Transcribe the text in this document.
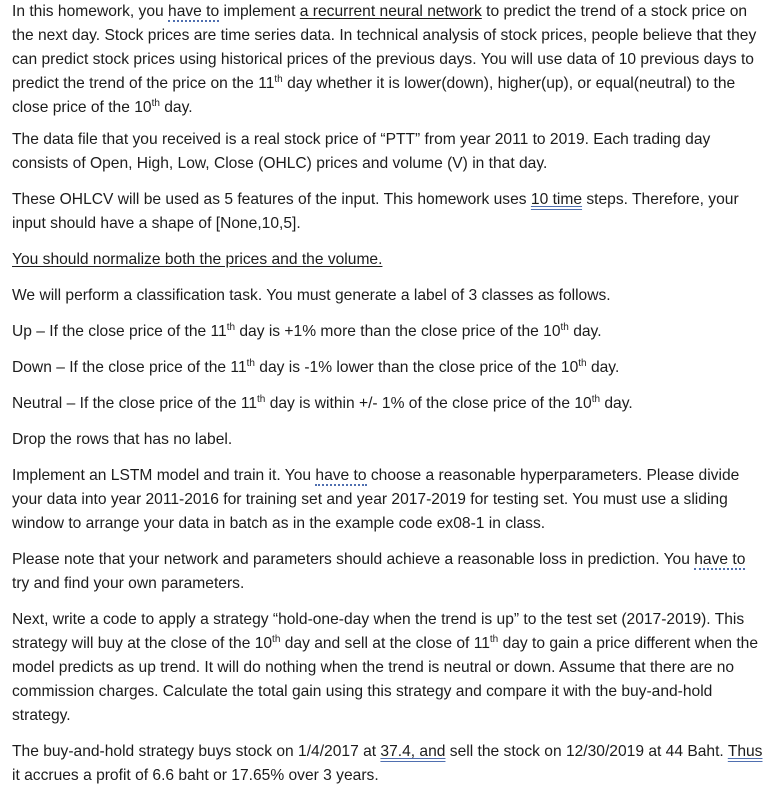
In this homework, you have to implement a recurrent neural network to predict the trend of a stock price on the next day. Stock prices are time series data. In technical analysis of stock prices, people believe that they can predict stock prices using historical prices of the previous days. You will use data of 10 previous days to predict the trend of the price on the 11th day whether it is lower(down), higher(up), or equal(neutral) to the close price of the 10th day.

The data file that you received is a real stock price of “PTT” from year 2011 to 2019. Each trading day consists of Open, High, Low, Close (OHLC) prices and volume (V) in that day.

These OHLCV will be used as 5 features of the input. This homework uses 10 time steps. Therefore, your input should have a shape of [None,10,5].

You should normalize both the prices and the volume.

We will perform a classification task. You must generate a label of 3 classes as follows.

Up – If the close price of the 11th day is +1% more than the close price of the 10th day.

Down – If the close price of the 11th day is -1% lower than the close price of the 10th day.

Neutral – If the close price of the 11th day is within +/- 1% of the close price of the 10th day.

Drop the rows that has no label.

Implement an LSTM model and train it. You have to choose a reasonable hyperparameters. Please divide your data into year 2011-2016 for training set and year 2017-2019 for testing set. You must use a sliding window to arrange your data in batch as in the example code ex08-1 in class.

Please note that your network and parameters should achieve a reasonable loss in prediction. You have to try and find your own parameters.

Next, write a code to apply a strategy “hold-one-day when the trend is up” to the test set (2017-2019). This strategy will buy at the close of the 10th day and sell at the close of 11th day to gain a price different when the model predicts as up trend. It will do nothing when the trend is neutral or down. Assume that there are no commission charges. Calculate the total gain using this strategy and compare it with the buy-and-hold strategy.

The buy-and-hold strategy buys stock on 1/4/2017 at 37.4, and sell the stock on 12/30/2019 at 44 Baht. Thus it accrues a profit of 6.6 baht or 17.65% over 3 years.
